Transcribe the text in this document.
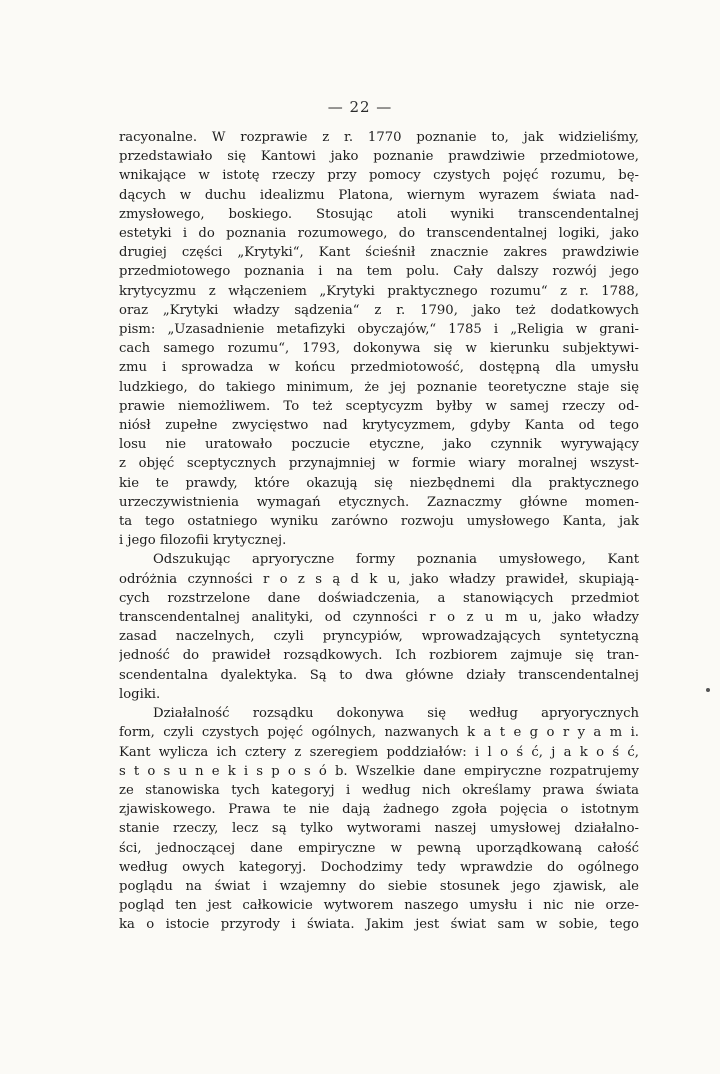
— 22 —
racyonalne. W rozprawie z r. 1770 poznanie to, jak widzieliśmy,
przedstawiało się Kantowi jako poznanie prawdziwie przedmiotowe,
wnikające w istotę rzeczy przy pomocy czystych pojęć rozumu, bę-
dących w duchu idealizmu Platona, wiernym wyrazem świata nad-
zmysłowego, boskiego. Stosując atoli wyniki transcendentalnej
estetyki i do poznania rozumowego, do transcendentalnej logiki, jako
drugiej części „Krytyki“, Kant ścieśnił znacznie zakres prawdziwie
przedmiotowego poznania i na tem polu. Cały dalszy rozwój jego
krytycyzmu z włączeniem „Krytyki praktycznego rozumu“ z r. 1788,
oraz „Krytyki władzy sądzenia“ z r. 1790, jako też dodatkowych
pism: „Uzasadnienie metafizyki obyczajów,“ 1785 i „Religia w grani-
cach samego rozumu“, 1793, dokonywa się w kierunku subjektywi-
zmu i sprowadza w końcu przedmiotowość, dostępną dla umysłu
ludzkiego, do takiego minimum, że jej poznanie teoretyczne staje się
prawie niemożliwem. To też sceptycyzm byłby w samej rzeczy od-
niósł zupełne zwycięstwo nad krytycyzmem, gdyby Kanta od tego
losu nie uratowało poczucie etyczne, jako czynnik wyrywający
z objęć sceptycznych przynajmniej w formie wiary moralnej wszyst-
kie te prawdy, które okazują się niezbędnemi dla praktycznego
urzeczywistnienia wymagań etycznych. Zaznaczmy główne momen-
ta tego ostatniego wyniku zarówno rozwoju umysłowego Kanta, jak
i jego filozofii krytycznej.
Odszukując apryoryczne formy poznania umysłowego, Kant
odróżnia czynności r o z s ą d k u, jako władzy prawideł, skupiają-
cych rozstrzelone dane doświadczenia, a stanowiących przedmiot
transcendentalnej analityki, od czynności r o z u m u, jako władzy
zasad naczelnych, czyli pryncypiów, wprowadzających syntetyczną
jedność do prawideł rozsądkowych. Ich rozbiorem zajmuje się tran-
scendentalna dyalektyka. Są to dwa główne działy transcendentalnej
logiki.
Działalność rozsądku dokonywa się według apryorycznych
form, czyli czystych pojęć ogólnych, nazwanych k a t e g o r y a m i.
Kant wylicza ich cztery z szeregiem poddziałów: i l o ś ć, j a k o ś ć,
s t o s u n e k i s p o s ó b. Wszelkie dane empiryczne rozpatrujemy
ze stanowiska tych kategoryj i według nich określamy prawa świata
zjawiskowego. Prawa te nie dają żadnego zgoła pojęcia o istotnym
stanie rzeczy, lecz są tylko wytworami naszej umysłowej działalno-
ści, jednoczącej dane empiryczne w pewną uporządkowaną całość
według owych kategoryj. Dochodzimy tedy wprawdzie do ogólnego
poglądu na świat i wzajemny do siebie stosunek jego zjawisk, ale
pogląd ten jest całkowicie wytworem naszego umysłu i nic nie orze-
ka o istocie przyrody i świata. Jakim jest świat sam w sobie, tego
